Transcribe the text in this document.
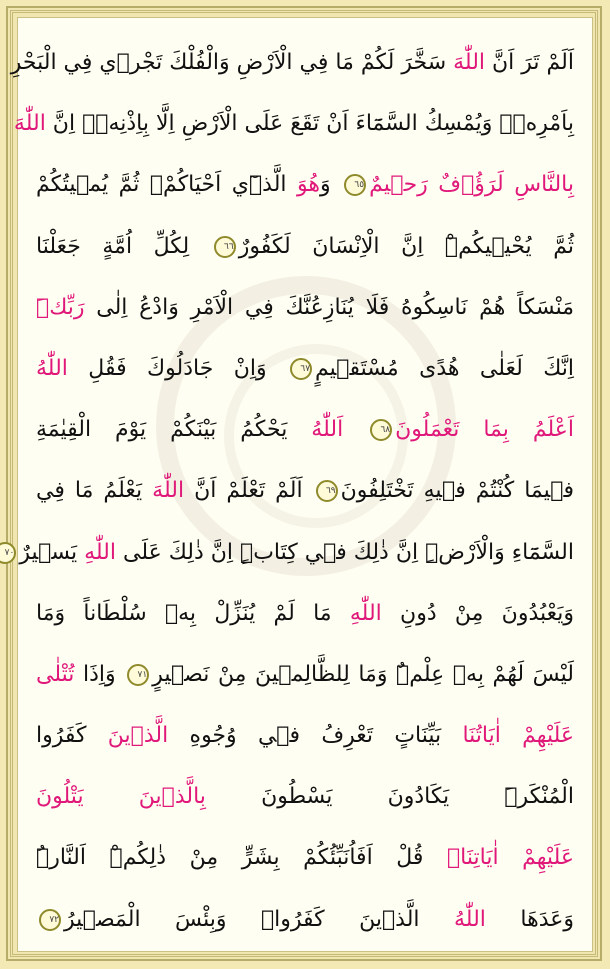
اَلَمْ تَرَ اَنَّ اللّٰهَ سَخَّرَ لَكُمْ مَا فِي الْاَرْضِ وَالْفُلْكَ تَجْر۪ي فِي الْبَحْرِ
بِاَمْرِه۪ۜ وَيُمْسِكُ السَّمَٓاءَ اَنْ تَقَعَ عَلَى الْاَرْضِ اِلَّا بِاِذْنِه۪ۜ اِنَّ اللّٰهَ
بِالنَّاسِ لَرَؤُ۫فٌ رَح۪يمٌ٦٥ وَهُوَ الَّذ۪ٓي اَحْيَاكُمْۘ ثُمَّ يُم۪يتُكُمْ
ثُمَّ يُحْي۪يكُمْۜ اِنَّ الْاِنْسَانَ لَكَفُورٌ٦٦ لِكُلِّ اُمَّةٍ جَعَلْنَا
مَنْسَكاً هُمْ نَاسِكُوهُ فَلَا يُنَازِعُنَّكَ فِي الْاَمْرِ وَادْعُ اِلٰى رَبِّكَۜ
اِنَّكَ لَعَلٰى هُدًى مُسْتَق۪يمٍ٦٧ وَاِنْ جَادَلُوكَ فَقُلِ اللّٰهُ
اَعْلَمُ بِمَا تَعْمَلُونَ٦٨ اَللّٰهُ يَحْكُمُ بَيْنَكُمْ يَوْمَ الْقِيٰمَةِ
ف۪يمَا كُنْتُمْ ف۪يهِ تَخْتَلِفُونَ٦٩ اَلَمْ تَعْلَمْ اَنَّ اللّٰهَ يَعْلَمُ مَا فِي
السَّمَٓاءِ وَالْاَرْضِۜ اِنَّ ذٰلِكَ ف۪ي كِتَابٍۜ اِنَّ ذٰلِكَ عَلَى اللّٰهِ يَس۪يرٌ٧٠
وَيَعْبُدُونَ مِنْ دُونِ اللّٰهِ مَا لَمْ يُنَزِّلْ بِه۪ سُلْطَاناً وَمَا
لَيْسَ لَهُمْ بِه۪ عِلْمٌۜ وَمَا لِلظَّالِم۪ينَ مِنْ نَص۪يرٍ٧١ وَاِذَا تُتْلٰى
عَلَيْهِمْ اٰيَاتُنَا بَيِّنَاتٍ تَعْرِفُ ف۪ي وُجُوهِ الَّذ۪ينَ كَفَرُوا
الْمُنْكَرَۜ يَكَادُونَ يَسْطُونَ بِالَّذ۪ينَ يَتْلُونَ
عَلَيْهِمْ اٰيَاتِنَاۜ قُلْ اَفَاُنَبِّئُكُمْ بِشَرٍّ مِنْ ذٰلِكُمْۜ اَلنَّارُۜ
وَعَدَهَا اللّٰهُ الَّذ۪ينَ كَفَرُواۜ وَبِئْسَ الْمَص۪يرُ٧٢
